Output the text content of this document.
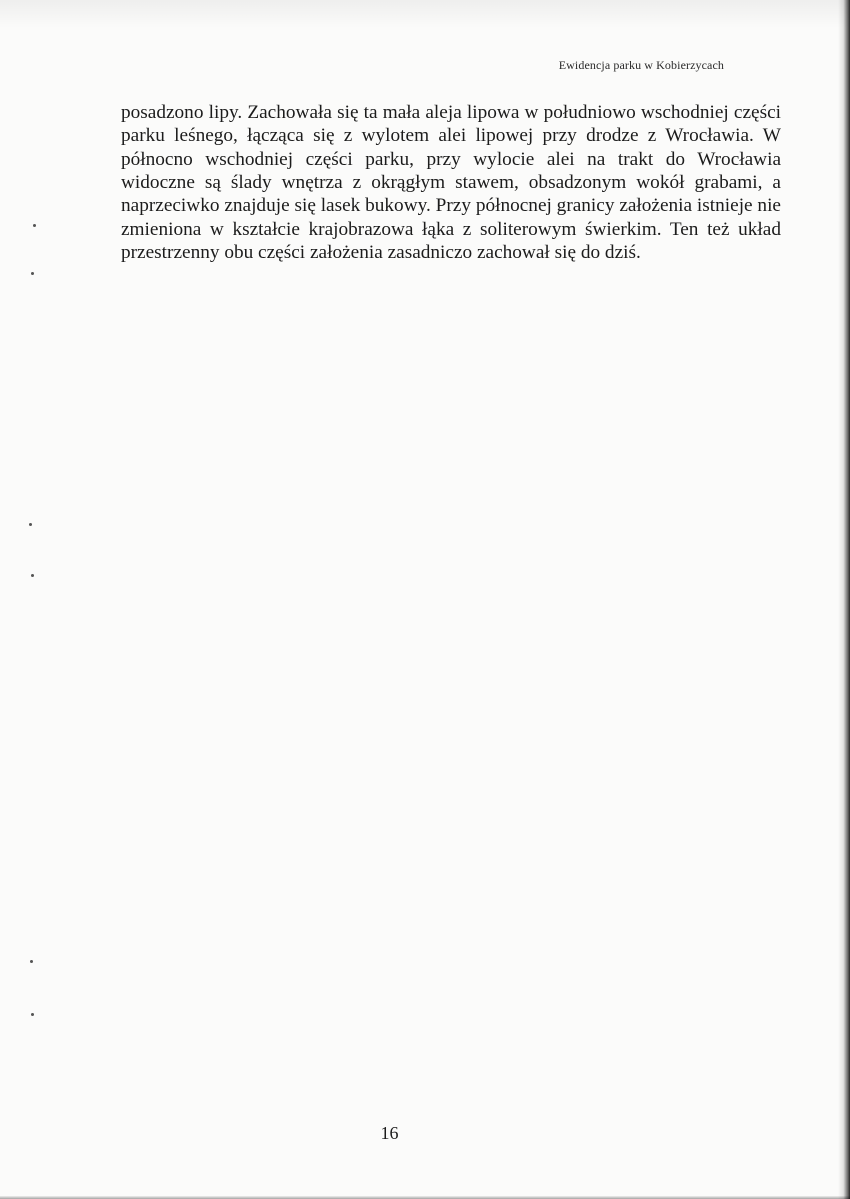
Ewidencja parku w Kobierzycach

posadzono lipy. Zachowała się ta mała aleja lipowa w południowo wschodniej części parku leśnego, łącząca się z wylotem alei lipowej przy drodze z Wrocławia. W północno wschodniej części parku, przy wylocie alei na trakt do Wrocławia widoczne są ślady wnętrza z okrągłym stawem, obsadzonym wokół grabami, a naprzeciwko znajduje się lasek bukowy. Przy północnej granicy założenia istnieje nie zmieniona w kształcie krajobrazowa łąka z soliterowym świerkim. Ten też układ przestrzenny obu części założenia zasadniczo zachował się do dziś.

16
